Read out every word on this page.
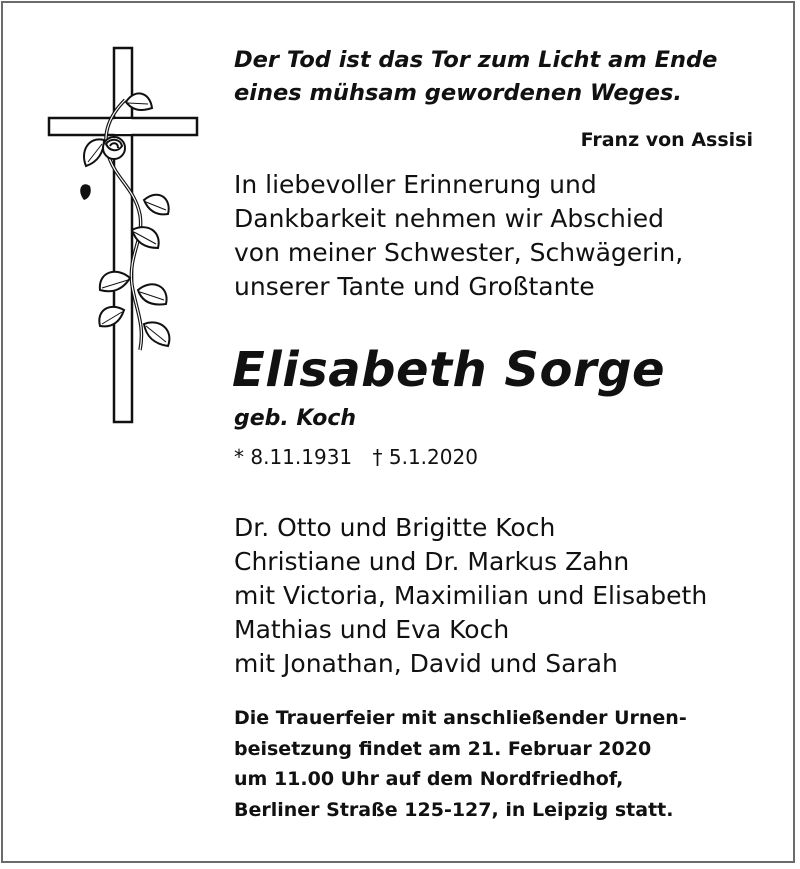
Der Tod ist das Tor zum Licht am Ende
eines mühsam gewordenen Weges.
Franz von Assisi
In liebevoller Erinnerung und
Dankbarkeit nehmen wir Abschied
von meiner Schwester, Schwägerin,
unserer Tante und Großtante
Elisabeth Sorge
geb. Koch
* 8.11.1931 † 5.1.2020
Dr. Otto und Brigitte Koch
Christiane und Dr. Markus Zahn
mit Victoria, Maximilian und Elisabeth
Mathias und Eva Koch
mit Jonathan, David und Sarah
Die Trauerfeier mit anschließender Urnen-
beisetzung findet am 21. Februar 2020
um 11.00 Uhr auf dem Nordfriedhof,
Berliner Straße 125-127, in Leipzig statt.
